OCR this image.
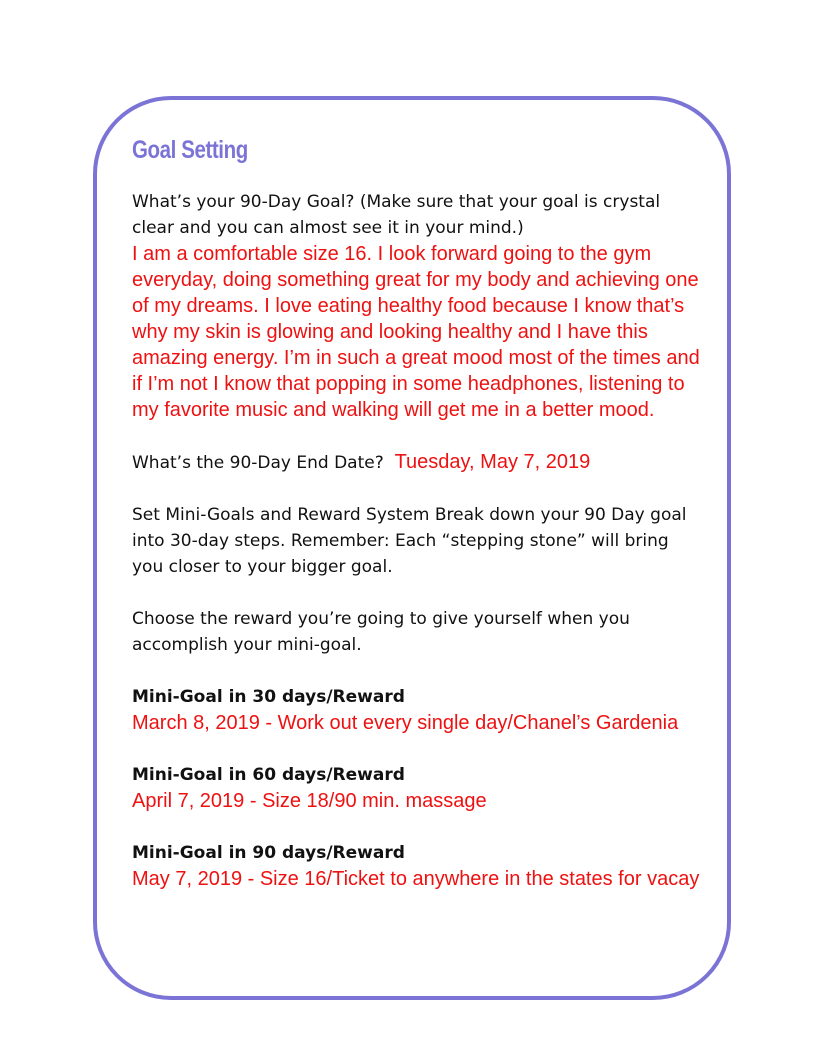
Goal Setting

What’s your 90-Day Goal? (Make sure that your goal is crystal clear and you can almost see it in your mind.)

I am a comfortable size 16. I look forward going to the gym everyday, doing something great for my body and achieving one of my dreams. I love eating healthy food because I know that’s why my skin is glowing and looking healthy and I have this amazing energy. I’m in such a great mood most of the times and if I’m not I know that popping in some headphones, listening to my favorite music and walking will get me in a better mood.

What’s the 90-Day End Date? Tuesday, May 7, 2019

Set Mini-Goals and Reward System Break down your 90 Day goal into 30-day steps. Remember: Each “stepping stone” will bring you closer to your bigger goal.

Choose the reward you’re going to give yourself when you accomplish your mini-goal.

Mini-Goal in 30 days/Reward

March 8, 2019 - Work out every single day/Chanel’s Gardenia

Mini-Goal in 60 days/Reward

April 7, 2019 - Size 18/90 min. massage

Mini-Goal in 90 days/Reward

May 7, 2019 - Size 16/Ticket to anywhere in the states for vacay
